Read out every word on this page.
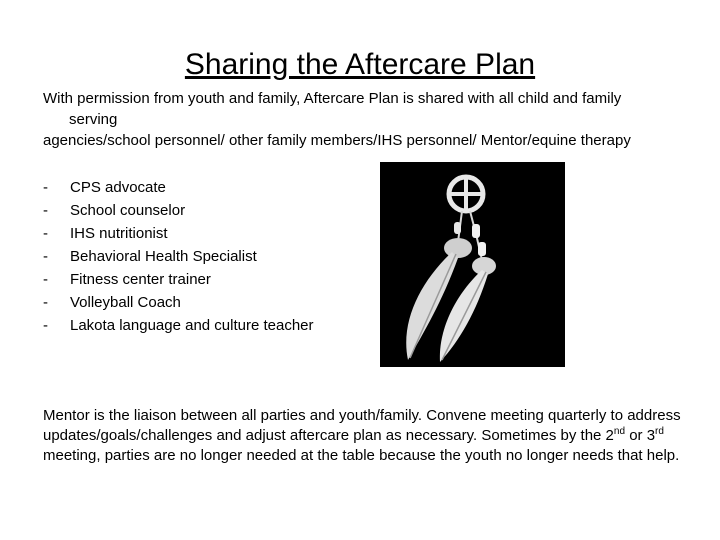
Sharing the Aftercare Plan
With permission from youth and family, Aftercare Plan is shared with all child and family
serving
agencies/school personnel/ other family members/IHS personnel/ Mentor/equine therapy
-	CPS advocate
-	School counselor
-	IHS nutritionist
-	Behavioral Health Specialist
-	Fitness center trainer
-	Volleyball Coach
-	Lakota language and culture teacher
Mentor is the liaison between all parties and youth/family. Convene meeting quarterly to address updates/goals/challenges and adjust aftercare plan as necessary. Sometimes by the 2nd or 3rd meeting, parties are no longer needed at the table because the youth no longer needs that help.
